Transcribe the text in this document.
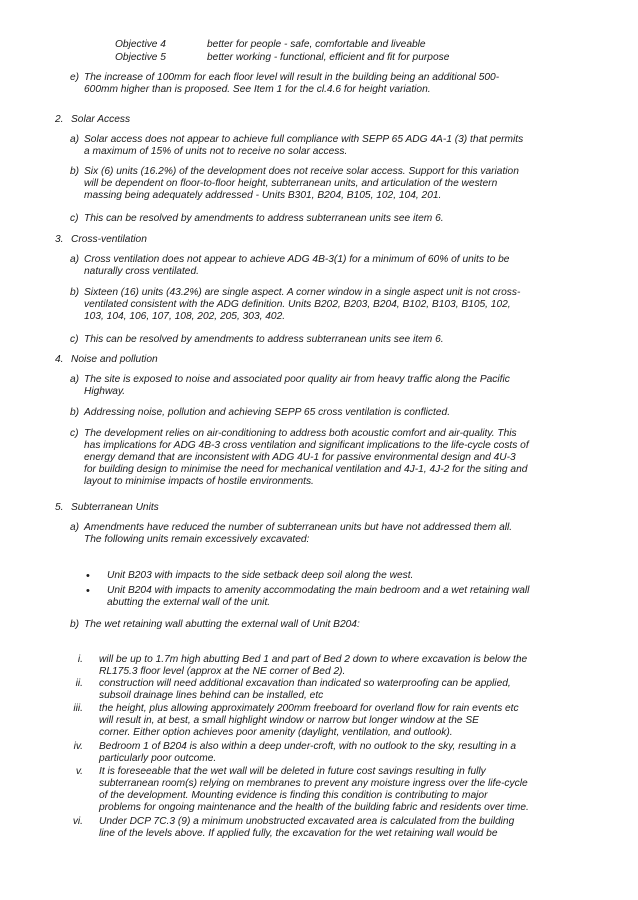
Objective 4	better for people - safe, comfortable and liveable
Objective 5	better working - functional, efficient and fit for purpose
e) The increase of 100mm for each floor level will result in the building being an additional 500-
600mm higher than is proposed. See Item 1 for the cl.4.6 for height variation.
2. Solar Access
a) Solar access does not appear to achieve full compliance with SEPP 65 ADG 4A-1 (3) that permits
a maximum of 15% of units not to receive no solar access.
b) Six (6) units (16.2%) of the development does not receive solar access. Support for this variation
will be dependent on floor-to-floor height, subterranean units, and articulation of the western
massing being adequately addressed - Units B301, B204, B105, 102, 104, 201.
c) This can be resolved by amendments to address subterranean units see item 6.
3. Cross-ventilation
a) Cross ventilation does not appear to achieve ADG 4B-3(1) for a minimum of 60% of units to be
naturally cross ventilated.
b) Sixteen (16) units (43.2%) are single aspect. A corner window in a single aspect unit is not cross-
ventilated consistent with the ADG definition. Units B202, B203, B204, B102, B103, B105, 102,
103, 104, 106, 107, 108, 202, 205, 303, 402.
c) This can be resolved by amendments to address subterranean units see item 6.
4. Noise and pollution
a) The site is exposed to noise and associated poor quality air from heavy traffic along the Pacific
Highway.
b) Addressing noise, pollution and achieving SEPP 65 cross ventilation is conflicted.
c) The development relies on air-conditioning to address both acoustic comfort and air-quality. This
has implications for ADG 4B-3 cross ventilation and significant implications to the life-cycle costs of
energy demand that are inconsistent with ADG 4U-1 for passive environmental design and 4U-3
for building design to minimise the need for mechanical ventilation and 4J-1, 4J-2 for the siting and
layout to minimise impacts of hostile environments.
5. Subterranean Units
a) Amendments have reduced the number of subterranean units but have not addressed them all.
The following units remain excessively excavated:
• Unit B203 with impacts to the side setback deep soil along the west.
• Unit B204 with impacts to amenity accommodating the main bedroom and a wet retaining wall
abutting the external wall of the unit.
b) The wet retaining wall abutting the external wall of Unit B204:
i. will be up to 1.7m high abutting Bed 1 and part of Bed 2 down to where excavation is below the
RL175.3 floor level (approx at the NE corner of Bed 2).
ii. construction will need additional excavation than indicated so waterproofing can be applied,
subsoil drainage lines behind can be installed, etc
iii. the height, plus allowing approximately 200mm freeboard for overland flow for rain events etc
will result in, at best, a small highlight window or narrow but longer window at the SE
corner. Either option achieves poor amenity (daylight, ventilation, and outlook).
iv. Bedroom 1 of B204 is also within a deep under-croft, with no outlook to the sky, resulting in a
particularly poor outcome.
v. It is foreseeable that the wet wall will be deleted in future cost savings resulting in fully
subterranean room(s) relying on membranes to prevent any moisture ingress over the life-cycle
of the development. Mounting evidence is finding this condition is contributing to major
problems for ongoing maintenance and the health of the building fabric and residents over time.
vi. Under DCP 7C.3 (9) a minimum unobstructed excavated area is calculated from the building
line of the levels above. If applied fully, the excavation for the wet retaining wall would be
